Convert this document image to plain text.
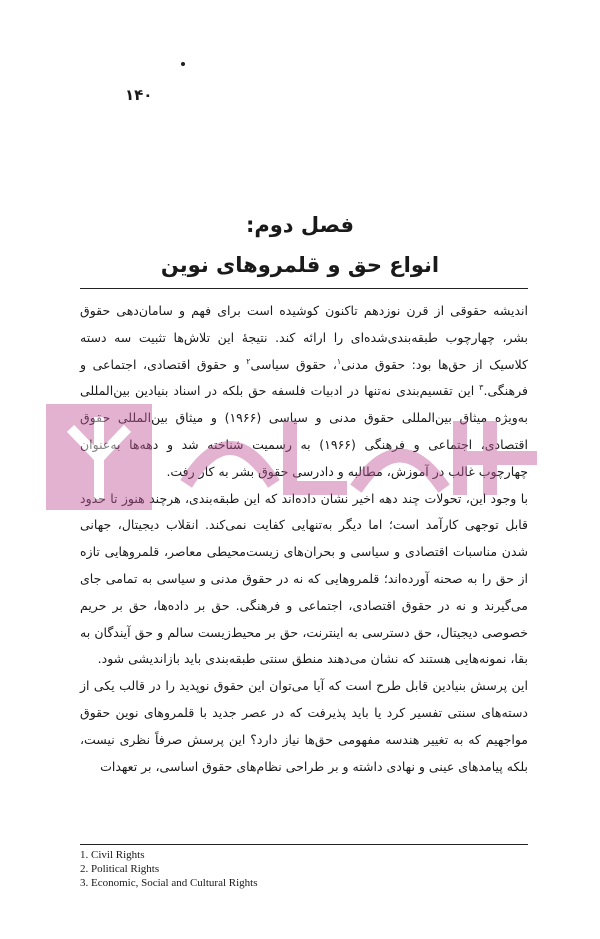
۱۴۰
فصل دوم:
انواع حق و قلمروهای نوین

اندیشه حقوقی از قرن نوزدهم تاکنون کوشیده است برای فهم و سامان‌دهی حقوق بشر، چهارچوب طبقه‌بندی‌شده‌ای را ارائه کند. نتیجهٔ این تلاش‌ها تثبیت سه دسته کلاسیک از حق‌ها بود: حقوق مدنی$^۱$، حقوق سیاسی$^۲$ و حقوق اقتصادی، اجتماعی و فرهنگی.$^۳$ این تقسیم‌بندی نه‌تنها در ادبیات فلسفه حق بلکه در اسناد بنیادین بین‌المللی به‌ویژه میثاق بین‌المللی حقوق مدنی و سیاسی (۱۹۶۶) و میثاق بین‌المللی حقوق اقتصادی، اجتماعی و فرهنگی (۱۹۶۶) به رسمیت شناخته شد و دهه‌ها به‌عنوان چهارچوب غالب در آموزش، مطالبه و دادرسی حقوق بشر به کار رفت.

با وجود این، تحولات چند دهه اخیر نشان داده‌اند که این طبقه‌بندی، هرچند هنوز تا حدود قابل توجهی کارآمد است؛ اما دیگر به‌تنهایی کفایت نمی‌کند. انقلاب دیجیتال، جهانی شدن مناسبات اقتصادی و سیاسی و بحران‌های زیست‌محیطی معاصر، قلمروهایی تازه از حق را به صحنه آورده‌اند؛ قلمروهایی که نه در حقوق مدنی و سیاسی به تمامی جای می‌گیرند و نه در حقوق اقتصادی، اجتماعی و فرهنگی. حق بر داده‌ها، حق بر حریم خصوصی دیجیتال، حق دسترسی به اینترنت، حق بر محیط‌زیست سالم و حق آیندگان به بقا، نمونه‌هایی هستند که نشان می‌دهند منطق سنتی طبقه‌بندی باید بازاندیشی شود.

این پرسش بنیادین قابل طرح است که آیا می‌توان این حقوق نوپدید را در قالب یکی از دسته‌های سنتی تفسیر کرد یا باید پذیرفت که در عصر جدید با قلمروهای نوین حقوق مواجهیم که به تغییر هندسه مفهومی حق‌ها نیاز دارد؟ این پرسش صرفاً نظری نیست، بلکه پیامدهای عینی و نهادی داشته و بر طراحی نظام‌های حقوق اساسی، بر تعهدات

1. Civil Rights
2. Political Rights
3. Economic, Social and Cultural Rights
